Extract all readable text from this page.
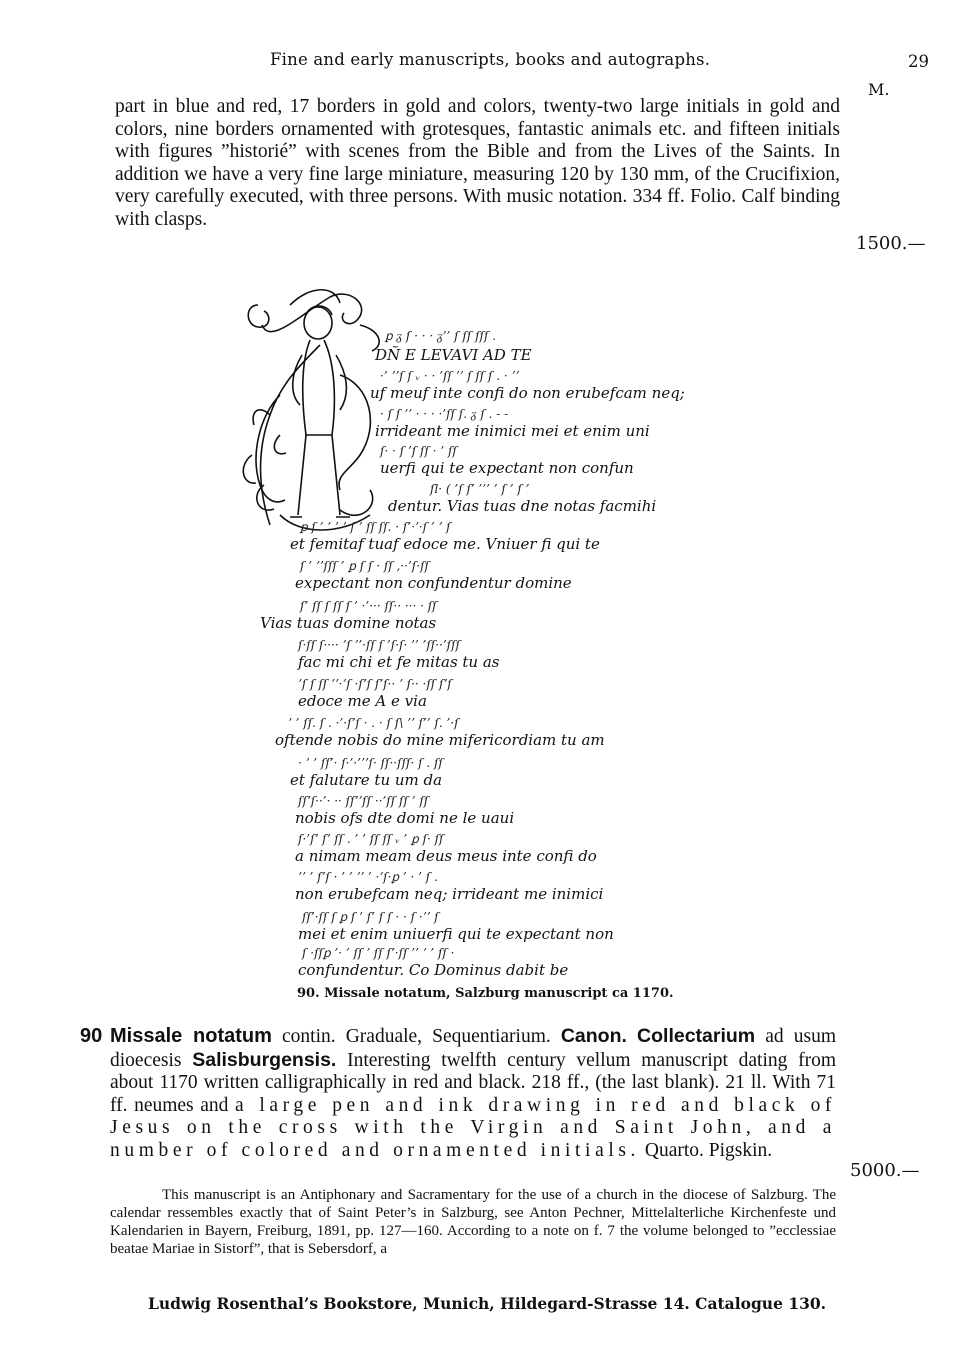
Fine and early manuscripts, books and autographs.	29
M.
part in blue and red, 17 borders in gold and colors, twenty-two large initials in gold and colors, nine borders ornamented with grotesques, fantastic animals etc. and fifteen initials with figures ”historié” with scenes from the Bible and from the Lives of the Saints. In addition we have a very fine large miniature, measuring 120 by 130 mm, of the Crucifixion, very carefully executed, with three persons. With music notation. 334 ff. Folio. Calf binding with clasps.
1500.—
ꝑ ᵹ ſ · · · ᵹ’’ ſ ſſ ſſſ .
DÑ E LEVAVI AD TE
·’ ʼʼſ ſ ᵥ · · ’ſſ ʼʼ ſ ſſ ſ . · ʼʼ
uf meuf inte confi do non erubefcam neq;
· ſ ſ ʼʼ · · · ·’ſſ ſ. ᵹ ſ . - -
irrideant me inimici mei et enim uni
ſ· · ſ ’ſ ſſ · ’ ſſ
uerfi qui te expectant non confun
ſl· ( ’ſ ſ’ ’’’ ’ ſ ’ ſ ’
dentur. Vias tuas dne notas facmihi
ꝑ ſ ’ ’ ’ ʼ ſ ʼ ſſ ſſ. · ſ’·ʼ·ſ ’ ʼ ſ
et femitaf tuaf edoce me. Vniuer fi qui te
ſ ’ ʼʼſſſ ’ ꝑ ſ ſ · ſſ ,··’ſ·ſſ
expectant non confundentur domine
ſ’ ſſ ſ ſſ ſ ’ ·’··· ſſ·· ··· · ſſ
Vias tuas domine notas
ſ·ſſ ſ···· ʼſ ʼ’·ſſ ſ ’ſ·ſ· ’’ ’ſſ··’ſſſ
fac mi chi et fe mitas tu as
ʼſ ſ ſſ ʼʼ·ʼſ ·ſʼſ ſʼſ·· ʼ ſ·· ·ſſ ſʼſ
edoce me A e via
ʼ ’ ſſ. ſ . ·’·ſʼſ · . · ſ ſ\ ʼʼ ſ’’ ſ. ’·ſ
oftende nobis do mine mifericordiam tu am
· ʼ ’ ſſ’· ſ·’·’ʼʼſ· ſſ··ſſſ· ſ . ſſ
et falutare tu um da
ſſʼſ··’· ·· ſſʼʼſſ ··’ſſ ſſ ’ ſſ
nobis ofs dte domi ne le uaui
ſ·’ſʼ ſʼ ſſ . ’ ’ ſſ ſſ ᵥ ’ ꝑ ſ· ſſ
a nimam meam deus meus inte confi do
ʼʼ ’ ſʼſ · ’ ’ ʼʼ ’ ·ʼſ·ꝑ ’ · ’ ſ .
non erubefcam neq; irrideant me inimici
ſſ’·ſſ ſ ꝑ ſ ’ ſ’ ſ ſ · · ſ ·ʼʼ ſ
mei et enim uniuerfi qui te expectant non
ſ ·ſſꝑ ’· ’ ſſ ʼ ſſ ſʼ·ſſ ’’ ʼ ’ ſſ ·
confundentur. Co Dominus dabit be
90. Missale notatum, Salzburg manuscript ca 1170.
90 Missale notatum contin. Graduale, Sequentiarium. Canon. Collectarium ad usum dioecesis Salisburgensis. Interesting twelfth century vellum manuscript dating from about 1170 written calligraphically in red and black. 218 ff., (the last blank). 21 ll. With 71 ff. neumes and a large pen and ink drawing in red and black of Jesus on the cross with the Virgin and Saint John, and a number of colored and ornamented initials. Quarto. Pigskin.
5000.—
This manuscript is an Antiphonary and Sacramentary for the use of a church in the diocese of Salzburg. The calendar ressembles exactly that of Saint Peter’s in Salzburg, see Anton Pechner, Mittelalterliche Kirchenfeste und Kalendarien in Bayern, Freiburg, 1891, pp. 127—160. According to a note on f. 7 the volume belonged to ”ecclessiae beatae Mariae in Sistorf”, that is Sebersdorf, a
Ludwig Rosenthal’s Bookstore, Munich, Hildegard-Strasse 14. Catalogue 130.
